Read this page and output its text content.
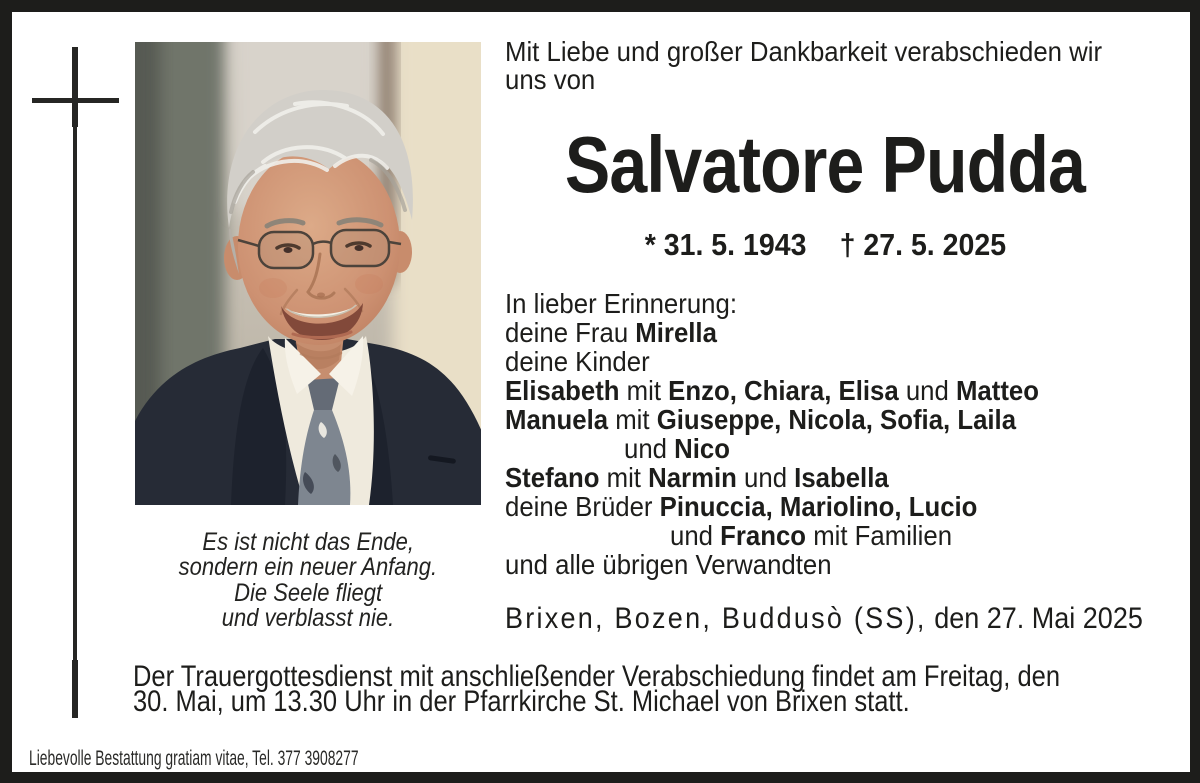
Mit Liebe und großer Dankbarkeit verabschieden wir
uns von
Salvatore Pudda
* 31. 5. 1943 † 27. 5. 2025
In lieber Erinnerung:
deine Frau Mirella
deine Kinder
Elisabeth mit Enzo, Chiara, Elisa und Matteo
Manuela mit Giuseppe, Nicola, Sofia, Laila
und Nico
Stefano mit Narmin und Isabella
deine Brüder Pinuccia, Mariolino, Lucio
und Franco mit Familien
und alle übrigen Verwandten
Es ist nicht das Ende,
sondern ein neuer Anfang.
Die Seele fliegt
und verblasst nie.	Brixen, Bozen, Buddusò (SS), den 27. Mai 2025
Der Trauergottesdienst mit anschließender Verabschiedung findet am Freitag, den
30. Mai, um 13.30 Uhr in der Pfarrkirche St. Michael von Brixen statt.
Liebevolle Bestattung gratiam vitae, Tel. 377 3908277
